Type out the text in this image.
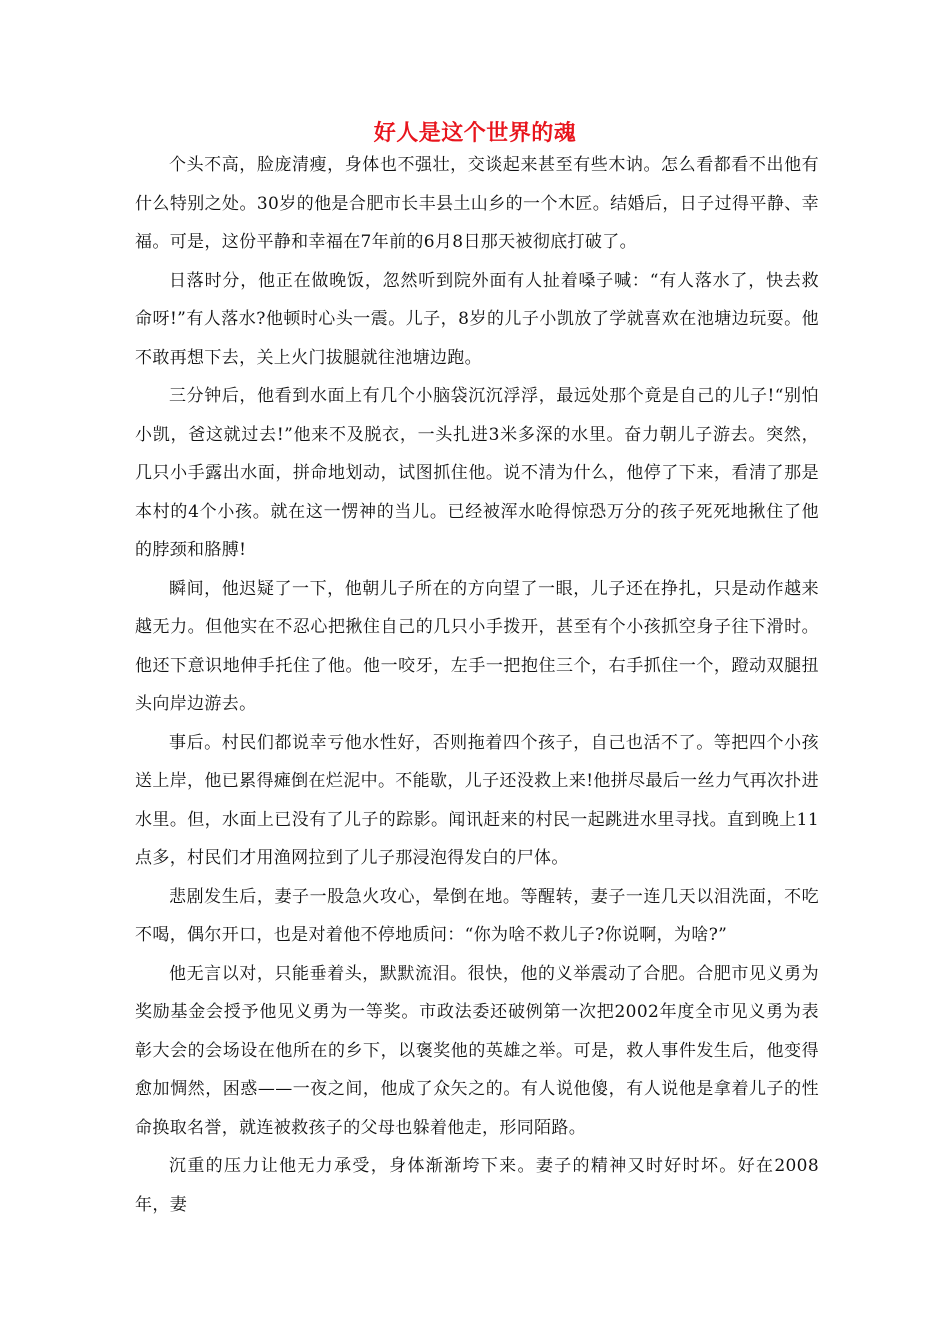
好人是这个世界的魂

个头不高，脸庞清瘦，身体也不强壮，交谈起来甚至有些木讷。怎么看都看不出他有什么特别之处。30岁的他是合肥市长丰县土山乡的一个木匠。结婚后，日子过得平静、幸福。可是，这份平静和幸福在7年前的6月8日那天被彻底打破了。

日落时分，他正在做晚饭，忽然听到院外面有人扯着嗓子喊：“有人落水了，快去救命呀!”有人落水?他顿时心头一震。儿子，8岁的儿子小凯放了学就喜欢在池塘边玩耍。他不敢再想下去，关上火门拔腿就往池塘边跑。

三分钟后，他看到水面上有几个小脑袋沉沉浮浮，最远处那个竟是自己的儿子!“别怕小凯，爸这就过去!”他来不及脱衣，一头扎进3米多深的水里。奋力朝儿子游去。突然，几只小手露出水面，拼命地划动，试图抓住他。说不清为什么，他停了下来，看清了那是本村的4个小孩。就在这一愣神的当儿。已经被浑水呛得惊恐万分的孩子死死地揪住了他的脖颈和胳膊!

瞬间，他迟疑了一下，他朝儿子所在的方向望了一眼，儿子还在挣扎，只是动作越来越无力。但他实在不忍心把揪住自己的几只小手拨开，甚至有个小孩抓空身子往下滑时。他还下意识地伸手托住了他。他一咬牙，左手一把抱住三个，右手抓住一个，蹬动双腿扭头向岸边游去。

事后。村民们都说幸亏他水性好，否则拖着四个孩子，自己也活不了。等把四个小孩送上岸，他已累得瘫倒在烂泥中。不能歇，儿子还没救上来!他拼尽最后一丝力气再次扑进水里。但，水面上已没有了儿子的踪影。闻讯赶来的村民一起跳进水里寻找。直到晚上11点多，村民们才用渔网拉到了儿子那浸泡得发白的尸体。

悲剧发生后，妻子一股急火攻心，晕倒在地。等醒转，妻子一连几天以泪洗面，不吃不喝，偶尔开口，也是对着他不停地质问：“你为啥不救儿子?你说啊，为啥?”

他无言以对，只能垂着头，默默流泪。很快，他的义举震动了合肥。合肥市见义勇为奖励基金会授予他见义勇为一等奖。市政法委还破例第一次把2002年度全市见义勇为表彰大会的会场设在他所在的乡下，以褒奖他的英雄之举。可是，救人事件发生后，他变得愈加惆然，困惑——一夜之间，他成了众矢之的。有人说他傻，有人说他是拿着儿子的性命换取名誉，就连被救孩子的父母也躲着他走，形同陌路。

沉重的压力让他无力承受，身体渐渐垮下来。妻子的精神又时好时坏。好在2008年，妻
